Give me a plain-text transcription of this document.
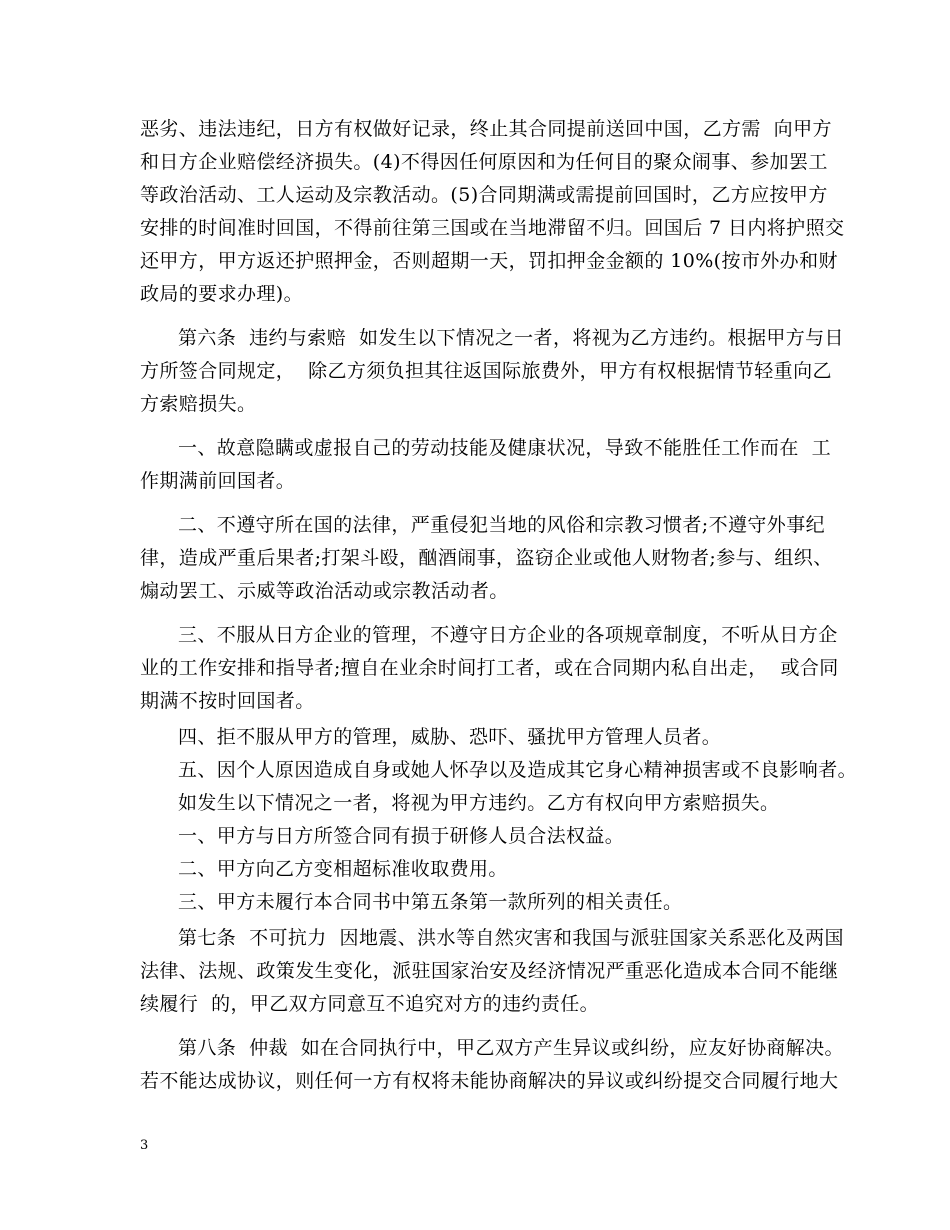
恶劣、违法违纪，日方有权做好记录，终止其合同提前送回中国，乙方需  向甲方
和日方企业赔偿经济损失。(4)不得因任何原因和为任何目的聚众闹事、参加罢工
等政治活动、工人运动及宗教活动。(5)合同期满或需提前回国时，乙方应按甲方
安排的时间准时回国，不得前往第三国或在当地滞留不归。回国后 7 日内将护照交
还甲方，甲方返还护照押金，否则超期一天，罚扣押金金额的 10%(按市外办和财
政局的要求办理)。
第六条  违约与索赔  如发生以下情况之一者，将视为乙方违约。根据甲方与日
方所签合同规定，  除乙方须负担其往返国际旅费外，甲方有权根据情节轻重向乙
方索赔损失。
一、故意隐瞒或虚报自己的劳动技能及健康状况，导致不能胜任工作而在  工
作期满前回国者。
二、不遵守所在国的法律，严重侵犯当地的风俗和宗教习惯者;不遵守外事纪
律，造成严重后果者;打架斗殴，酗酒闹事，盗窃企业或他人财物者;参与、组织、
煽动罢工、示威等政治活动或宗教活动者。
三、不服从日方企业的管理，不遵守日方企业的各项规章制度，不听从日方企
业的工作安排和指导者;擅自在业余时间打工者，或在合同期内私自出走，  或合同
期满不按时回国者。
四、拒不服从甲方的管理，威胁、恐吓、骚扰甲方管理人员者。
五、因个人原因造成自身或她人怀孕以及造成其它身心精神损害或不良影响者。
如发生以下情况之一者，将视为甲方违约。乙方有权向甲方索赔损失。
一、甲方与日方所签合同有损于研修人员合法权益。
二、甲方向乙方变相超标准收取费用。
三、甲方未履行本合同书中第五条第一款所列的相关责任。
第七条  不可抗力  因地震、洪水等自然灾害和我国与派驻国家关系恶化及两国
法律、法规、政策发生变化，派驻国家治安及经济情况严重恶化造成本合同不能继
续履行  的，甲乙双方同意互不追究对方的违约责任。
第八条  仲裁  如在合同执行中，甲乙双方产生异议或纠纷，应友好协商解决。
若不能达成协议，则任何一方有权将未能协商解决的异议或纠纷提交合同履行地大
3
